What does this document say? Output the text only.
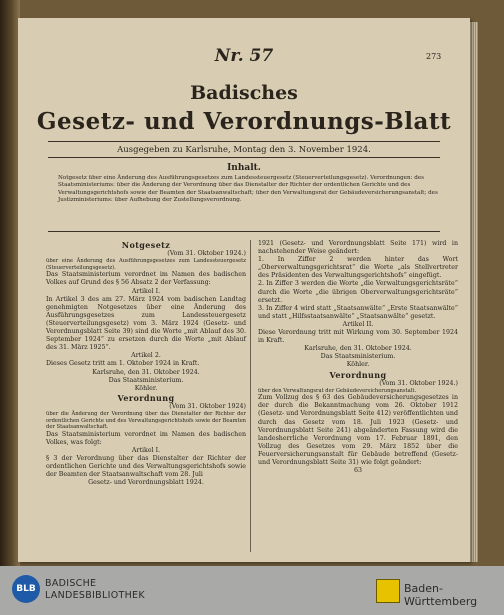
Nr. 57	273
Badisches
Gesetz- und Verordnungs-Blatt
Ausgegeben zu Karlsruhe, Montag den 3. November 1924.
Inhalt.
Notgesetz über eine Änderung des Ausführungsgesetzes zum Landessteuergesetz (Steuerverteilungsgesetz). Verordnungen: des Staatsministeriums: über die Änderung der Verordnung über das Dienstalter der Richter der ordentlichen Gerichte und des Verwaltungsgerichtshofs sowie der Beamten der Staatsanwaltschaft; über den Verwaltungsrat der Gebäudeversicherungsanstalt; des Justizministeriums: über Aufhebung der Zustellungsverordnung.

Notgesetz

(Vom 31. Oktober 1924.)

über eine Änderung des Ausführungsgesetzes zum Landessteuergesetz (Steuerverteilungsgesetz).

Das Staatsministerium verordnet im Namen des badischen Volkes auf Grund des § 56 Absatz 2 der Verfassung:

Artikel I.

In Artikel 3 des am 27. März 1924 vom badischen Landtag genehmigten Notgesetzes über eine Änderung des Ausführungsgesetzes zum Landessteuergesetz (Steuerverteilungsgesetz) vom 3. März 1924 (Gesetz- und Verordnungsblatt Seite 39) sind die Worte „mit Ablauf des 30. September 1924“ zu ersetzen durch die Worte „mit Ablauf des 31. März 1925“.

Artikel 2.

Dieses Gesetz tritt am 1. Oktober 1924 in Kraft.

Karlsruhe, den 31. Oktober 1924.

Das Staatsministerium.

Köhler.

Verordnung

(Vom 31. Oktober 1924)

über die Änderung der Verordnung über das Dienstalter der Richter der ordentlichen Gerichte und des Verwaltungsgerichtshofs sowie der Beamten der Staatsanwaltschaft.

Das Staatsministerium verordnet im Namen des badischen Volkes, was folgt:

Artikel I.

§ 3 der Verordnung über das Dienstalter der Richter der ordentlichen Gerichte und des Verwaltungsgerichtshofs sowie der Beamten der Staatsanwaltschaft vom 28. Juli

Gesetz- und Verordnungsblatt 1924.

1921 (Gesetz- und Verordnungsblatt Seite 171) wird in nachstehender Weise geändert:

1. In Ziffer 2 werden hinter das Wort „Oberverwaltungsgerichtsrat“ die Worte „als Stellvertreter des Präsidenten des Verwaltungsgerichtshofs“ eingefügt.

2. In Ziffer 3 werden die Worte „die Verwaltungsgerichtsräte“ durch die Worte „die übrigen Oberverwaltungsgerichtsräte“ ersetzt.

3. In Ziffer 4 wird statt „Staatsanwälte“ „Erste Staatsanwälte“ und statt „Hilfsstaatsanwälte“ „Staatsanwälte“ gesetzt.

Artikel II.

Diese Verordnung tritt mit Wirkung vom 30. September 1924 in Kraft.

Karlsruhe, den 31. Oktober 1924.

Das Staatsministerium.

Köhler.

Verordnung

(Vom 31. Oktober 1924.)

über den Verwaltungsrat der Gebäudeversicherungsanstalt.

Zum Vollzug des § 63 des Gebäudeversicherungsgesetzes in der durch die Bekanntmachung vom 26. Oktober 1912 (Gesetz- und Verordnungsblatt Seite 412) veröffentlichten und durch das Gesetz vom 18. Juli 1923 (Gesetz- und Verordnungsblatt Seite 241) abgeänderten Fassung wird die landesherrliche Verordnung vom 17. Februar 1891, den Vollzug des Gesetzes vom 29. März 1852 über die Feuerversicherungsanstalt für Gebäude betreffend (Gesetz- und Verordnungsblatt Seite 31) wie folgt geändert:

63

BLB BADISCHE
LANDESBIBLIOTHEK
Baden-Württemberg
